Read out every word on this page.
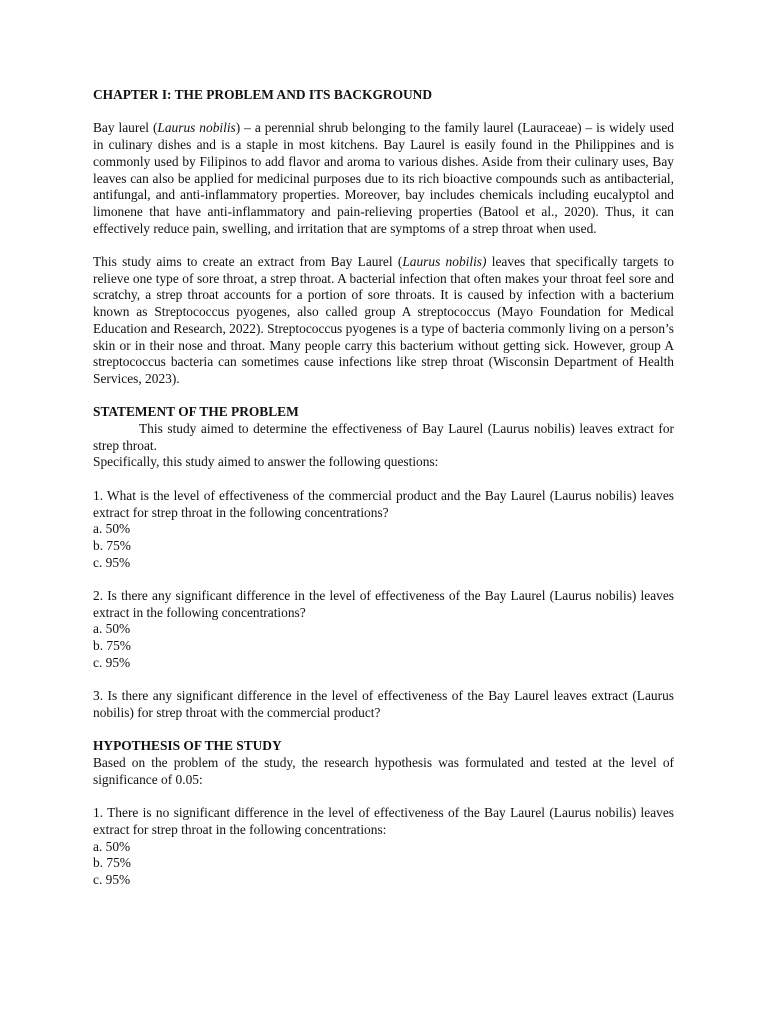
CHAPTER I: THE PROBLEM AND ITS BACKGROUND

Bay laurel (Laurus nobilis) – a perennial shrub belonging to the family laurel (Lauraceae) – is widely used in culinary dishes and is a staple in most kitchens. Bay Laurel is easily found in the Philippines and is commonly used by Filipinos to add flavor and aroma to various dishes. Aside from their culinary uses, Bay leaves can also be applied for medicinal purposes due to its rich bioactive compounds such as antibacterial, antifungal, and anti-inflammatory properties. Moreover, bay includes chemicals including eucalyptol and limonene that have anti-inflammatory and pain-relieving properties (Batool et al., 2020). Thus, it can effectively reduce pain, swelling, and irritation that are symptoms of a strep throat when used.

This study aims to create an extract from Bay Laurel (Laurus nobilis) leaves that specifically targets to relieve one type of sore throat, a strep throat. A bacterial infection that often makes your throat feel sore and scratchy, a strep throat accounts for a portion of sore throats. It is caused by infection with a bacterium known as Streptococcus pyogenes, also called group A streptococcus (Mayo Foundation for Medical Education and Research, 2022). Streptococcus pyogenes is a type of bacteria commonly living on a person’s skin or in their nose and throat. Many people carry this bacterium without getting sick. However, group A streptococcus bacteria can sometimes cause infections like strep throat (Wisconsin Department of Health Services, 2023).

STATEMENT OF THE PROBLEM

This study aimed to determine the effectiveness of Bay Laurel (Laurus nobilis) leaves extract for strep throat.

Specifically, this study aimed to answer the following questions:

1. What is the level of effectiveness of the commercial product and the Bay Laurel (Laurus nobilis) leaves extract for strep throat in the following concentrations?

a. 50%

b. 75%

c. 95%

2. Is there any significant difference in the level of effectiveness of the Bay Laurel (Laurus nobilis) leaves extract in the following concentrations?

a. 50%

b. 75%

c. 95%

3. Is there any significant difference in the level of effectiveness of the Bay Laurel leaves extract (Laurus nobilis) for strep throat with the commercial product?

HYPOTHESIS OF THE STUDY

Based on the problem of the study, the research hypothesis was formulated and tested at the level of significance of 0.05:

1. There is no significant difference in the level of effectiveness of the Bay Laurel (Laurus nobilis) leaves extract for strep throat in the following concentrations:

a. 50%

b. 75%

c. 95%
